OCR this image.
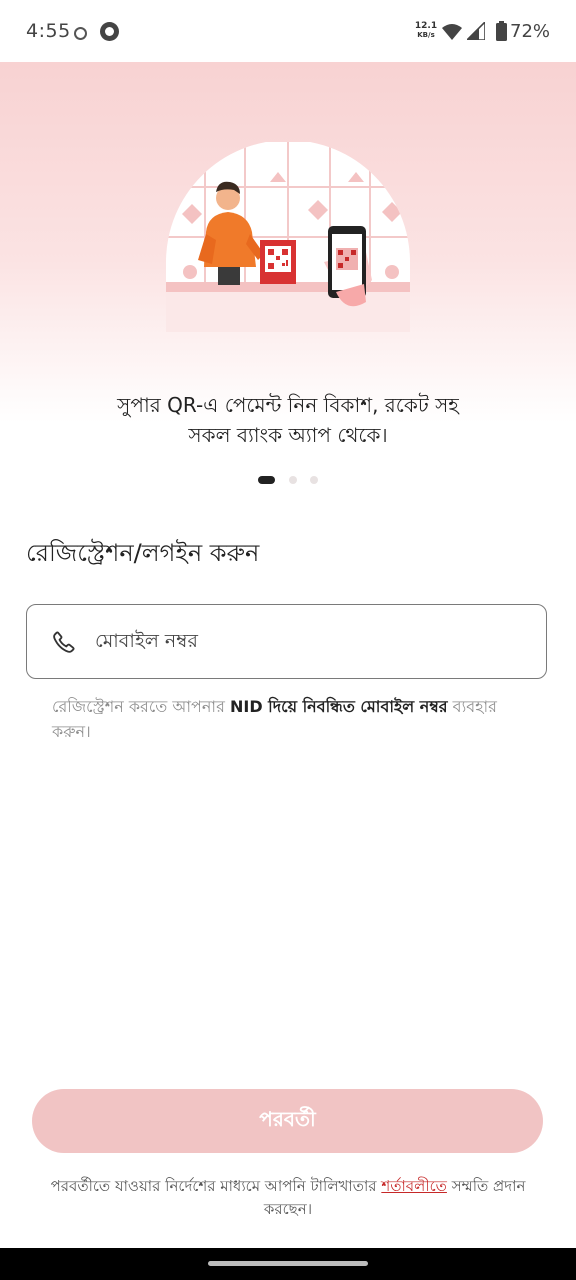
4:55	12.1
KB/s	72%
সুপার QR-এ পেমেন্ট নিন বিকাশ, রকেট সহ
সকল ব্যাংক অ্যাপ থেকে।

রেজিস্ট্রেশন/লগইন করুন
মোবাইল নম্বর
রেজিস্ট্রেশন করতে আপনার NID দিয়ে নিবন্ধিত মোবাইল নম্বর ব্যবহার করুন।
পরবর্তী
পরবর্তীতে যাওয়ার নির্দেশের মাধ্যমে আপনি টালিখাতার শর্তাবলীতে সম্মতি প্রদান করছেন।
